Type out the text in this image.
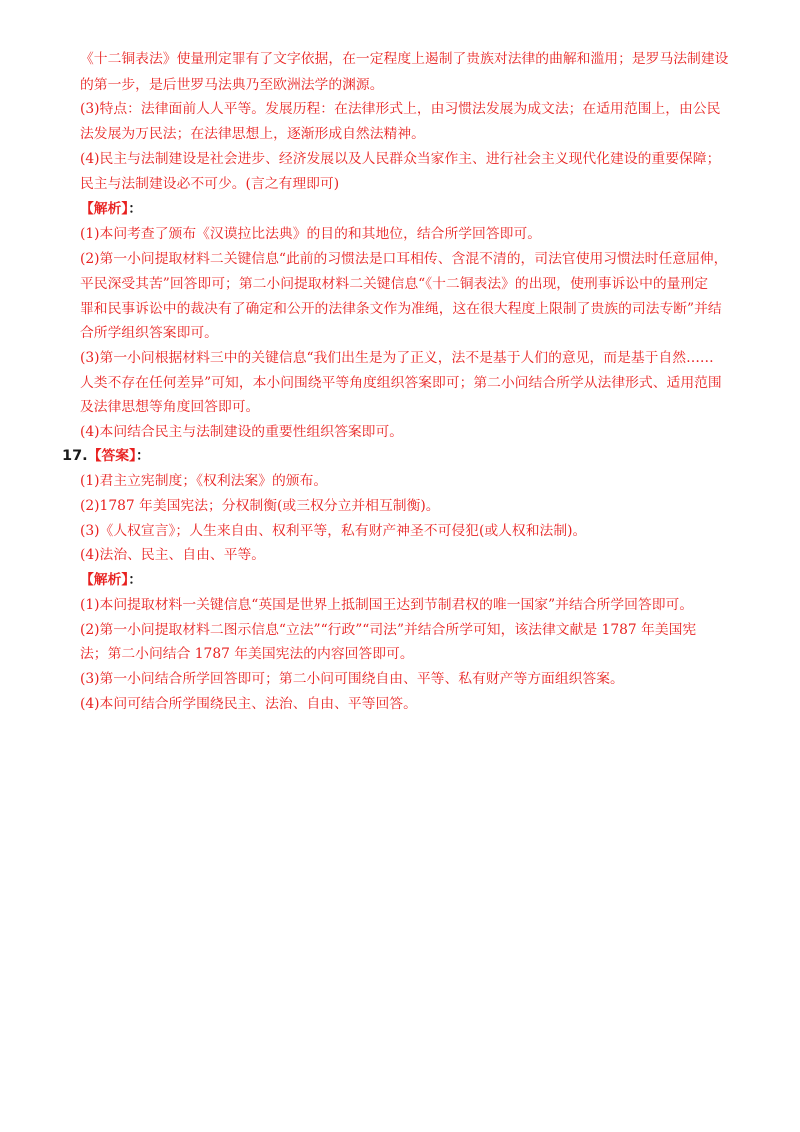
《十二铜表法》使量刑定罪有了文字依据，在一定程度上遏制了贵族对法律的曲解和滥用；是罗马法制建设
的第一步，是后世罗马法典乃至欧洲法学的渊源。
(3)特点：法律面前人人平等。发展历程：在法律形式上，由习惯法发展为成文法；在适用范围上，由公民
法发展为万民法；在法律思想上，逐渐形成自然法精神。
(4)民主与法制建设是社会进步、经济发展以及人民群众当家作主、进行社会主义现代化建设的重要保障；
民主与法制建设必不可少。(言之有理即可)
【解析】：
(1)本问考查了颁布《汉谟拉比法典》的目的和其地位，结合所学回答即可。
(2)第一小问提取材料二关键信息“此前的习惯法是口耳相传、含混不清的，司法官使用习惯法时任意屈伸，
平民深受其苦”回答即可；第二小问提取材料二关键信息“《十二铜表法》的出现，使刑事诉讼中的量刑定
罪和民事诉讼中的裁决有了确定和公开的法律条文作为准绳，这在很大程度上限制了贵族的司法专断”并结
合所学组织答案即可。
(3)第一小问根据材料三中的关键信息“我们出生是为了正义，法不是基于人们的意见，而是基于自然……
人类不存在任何差异”可知，本小问围绕平等角度组织答案即可；第二小问结合所学从法律形式、适用范围
及法律思想等角度回答即可。
(4)本问结合民主与法制建设的重要性组织答案即可。
17.【答案】：
(1)君主立宪制度；《权利法案》的颁布。
(2)1787 年美国宪法；分权制衡(或三权分立并相互制衡)。
(3)《人权宣言》；人生来自由、权利平等，私有财产神圣不可侵犯(或人权和法制)。
(4)法治、民主、自由、平等。
【解析】：
(1)本问提取材料一关键信息“英国是世界上抵制国王达到节制君权的唯一国家”并结合所学回答即可。
(2)第一小问提取材料二图示信息“立法”“行政”“司法”并结合所学可知，该法律文献是 1787 年美国宪
法；第二小问结合 1787 年美国宪法的内容回答即可。
(3)第一小问结合所学回答即可；第二小问可围绕自由、平等、私有财产等方面组织答案。
(4)本问可结合所学围绕民主、法治、自由、平等回答。
